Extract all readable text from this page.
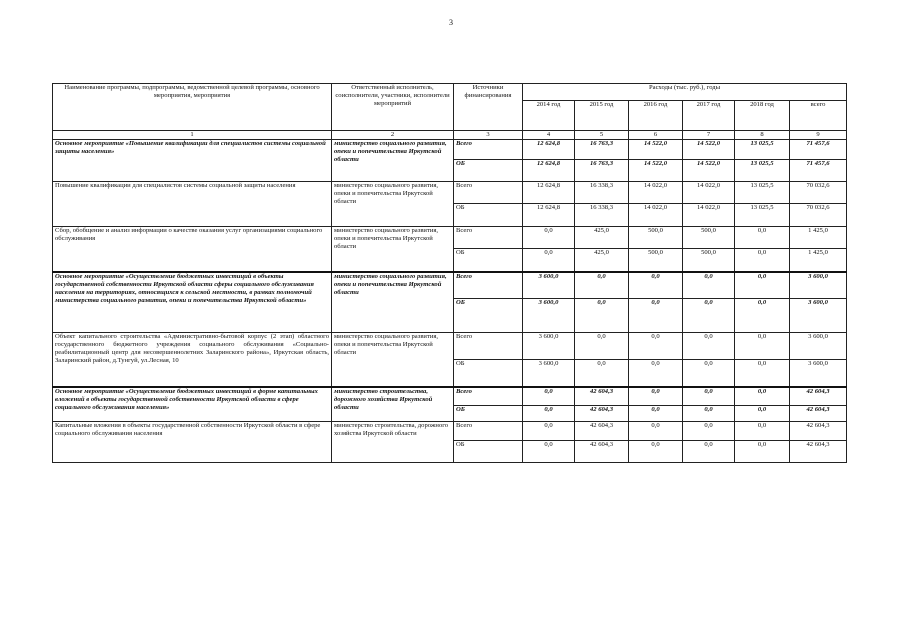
3
Наименование программы, подпрограммы, ведомственной целевой программы, основного мероприятия, мероприятия	Ответственный исполнитель, соисполнители, участники, исполнители мероприятий	Источники финансирования	Расходы (тыс. руб.), годы					
			2014 год	2015 год	2016 год	2017 год	2018 год	всего
1	2	3	4	5	6	7	8	9
Основное мероприятие «Повышение квалификации для специалистов системы социальной защиты населения»	министерство социального развития, опеки и попечительства Иркутской области	Всего	12 624,8	16 763,3	14 522,0	14 522,0	13 025,5	71 457,6
		ОБ	12 624,8	16 763,3	14 522,0	14 522,0	13 025,5	71 457,6
Повышение квалификации для специалистов системы социальной защиты населения	министерство социального развития, опеки и попечительства Иркутской области	Всего	12 624,8	16 338,3	14 022,0	14 022,0	13 025,5	70 032,6
		ОБ	12 624,8	16 338,3	14 022,0	14 022,0	13 025,5	70 032,6
Сбор, обобщение и анализ информации о качестве оказания услуг организациями социального обслуживания	министерство социального развития, опеки и попечительства Иркутской области	Всего	0,0	425,0	500,0	500,0	0,0	1 425,0
		ОБ	0,0	425,0	500,0	500,0	0,0	1 425,0
Основное мероприятие «Осуществление бюджетных инвестиций в объекты государственной собственности Иркутской области сферы социального обслуживания населения на территориях, относящихся к сельской местности, в рамках полномочий министерства социального развития, опеки и попечительства Иркутской области»	министерство социального развития, опеки и попечительства Иркутской области	Всего	3 600,0	0,0	0,0	0,0	0,0	3 600,0
		ОБ	3 600,0	0,0	0,0	0,0	0,0	3 600,0
Объект капитального строительства «Административно-бытовой корпус (2 этап) областного государственного бюджетного учреждения социального обслуживания «Социально-реабилитационный центр для несовершеннолетних Заларинского района», Иркутская область, Заларинский район, д.Тунгуй, ул.Лесная, 10	министерство социального развития, опеки и попечительства Иркутской области	Всего	3 600,0	0,0	0,0	0,0	0,0	3 600,0
		ОБ	3 600,0	0,0	0,0	0,0	0,0	3 600,0
Основное мероприятие «Осуществление бюджетных инвестиций в форме капитальных вложений в объекты государственной собственности Иркутской области в сфере социального обслуживания населения»	министерство строительства, дорожного хозяйства Иркутской области	Всего	0,0	42 604,3	0,0	0,0	0,0	42 604,3
		ОБ	0,0	42 604,3	0,0	0,0	0,0	42 604,3
Капитальные вложения в объекты государственной собственности Иркутской области в сфере социального обслуживания населения	министерство строительства, дорожного хозяйства Иркутской области	Всего	0,0	42 604,3	0,0	0,0	0,0	42 604,3
		ОБ	0,0	42 604,3	0,0	0,0	0,0	42 604,3
